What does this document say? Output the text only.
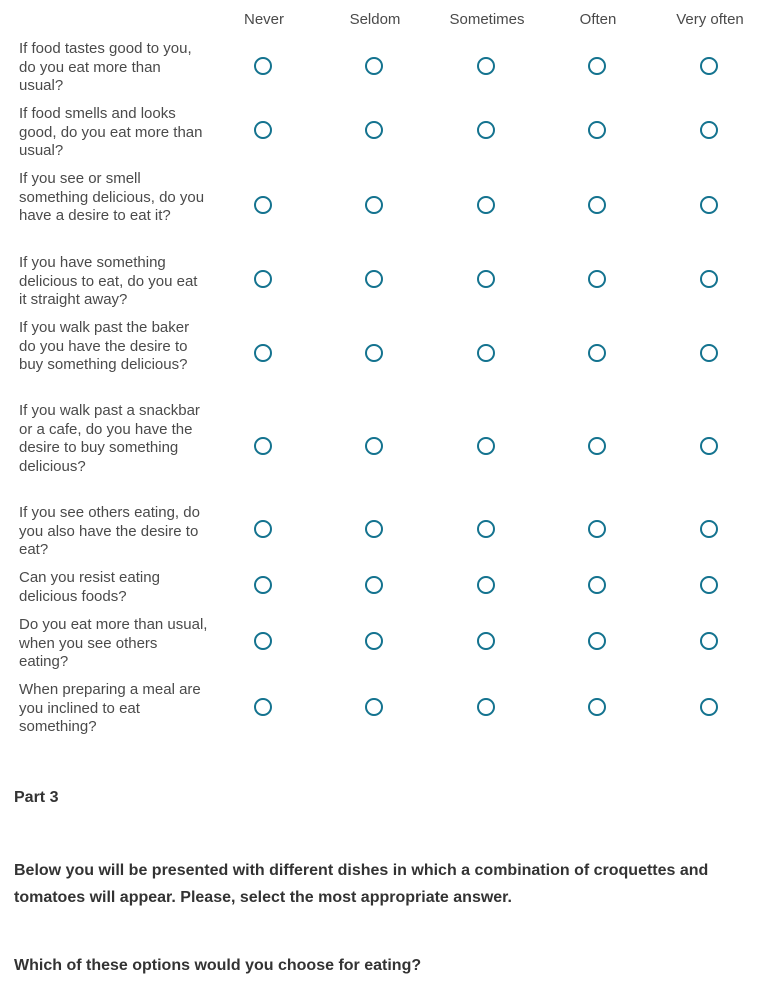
Never	Seldom	Sometimes	Often	Very often
If food tastes good to you, do you eat more than usual?
If food smells and looks good, do you eat more than usual?
If you see or smell something delicious, do you have a desire to eat it?
If you have something delicious to eat, do you eat it straight away?
If you walk past the baker do you have the desire to buy something delicious?
If you walk past a snackbar or a cafe, do you have the desire to buy something delicious?
If you see others eating, do you also have the desire to eat?
Can you resist eating delicious foods?
Do you eat more than usual, when you see others eating?
When preparing a meal are you inclined to eat something?
Part 3
Below you will be presented with different dishes in which a combination of croquettes and tomatoes will appear. Please, select the most appropriate answer.
Which of these options would you choose for eating?
